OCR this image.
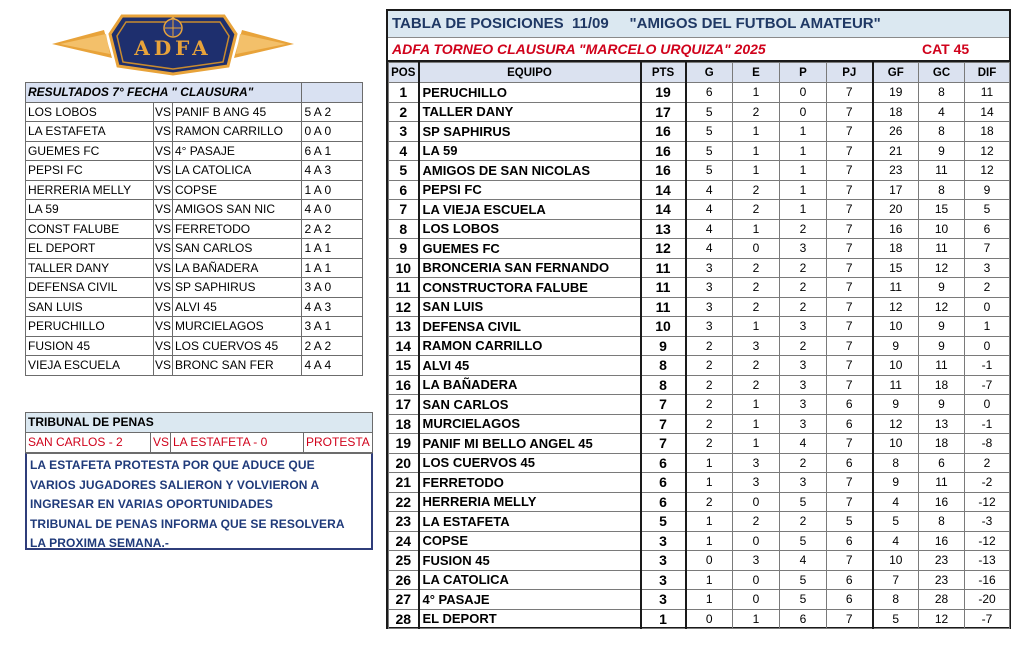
ADFA
RESULTADOS 7° FECHA " CLAUSURA"			
LOS LOBOS	VS	PANIF B ANG 45	5 A 2
LA ESTAFETA	VS	RAMON CARRILLO	0 A 0
GUEMES FC	VS	4° PASAJE	6 A 1
PEPSI FC	VS	LA CATOLICA	4 A 3
HERRERIA MELLY	VS	COPSE	1 A 0
LA 59	VS	AMIGOS SAN NIC	4 A 0
CONST FALUBE	VS	FERRETODO	2 A 2
EL DEPORT	VS	SAN CARLOS	1 A 1
TALLER DANY	VS	LA BAÑADERA	1 A 1
DEFENSA CIVIL	VS	SP SAPHIRUS	3 A 0
SAN LUIS	VS	ALVI 45	4 A 3
PERUCHILLO	VS	MURCIELAGOS	3 A 1
FUSION 45	VS	LOS CUERVOS 45	2 A 2
VIEJA ESCUELA	VS	BRONC SAN FER	4 A 4
TRIBUNAL DE PENAS
SAN CARLOS - 2	VS LA ESTAFETA - 0	PROTESTA
LA ESTAFETA PROTESTA POR QUE ADUCE QUE
VARIOS JUGADORES SALIERON Y VOLVIERON A
INGRESAR EN VARIAS OPORTUNIDADES
TRIBUNAL DE PENAS INFORMA QUE SE RESOLVERA
LA PROXIMA SEMANA.-
TABLA DE POSICIONES  11/09     "AMIGOS DEL FUTBOL AMATEUR"
ADFA TORNEO CLAUSURA "MARCELO URQUIZA" 2025	CAT 45
POS	EQUIPO	PTS	G	E	P	PJ	GF	GC	DIF
1	PERUCHILLO	19	6	1	0	7	19	8	11
2	TALLER DANY	17	5	2	0	7	18	4	14
3	SP SAPHIRUS	16	5	1	1	7	26	8	18
4	LA 59	16	5	1	1	7	21	9	12
5	AMIGOS DE SAN NICOLAS	16	5	1	1	7	23	11	12
6	PEPSI FC	14	4	2	1	7	17	8	9
7	LA VIEJA ESCUELA	14	4	2	1	7	20	15	5
8	LOS LOBOS	13	4	1	2	7	16	10	6
9	GUEMES FC	12	4	0	3	7	18	11	7
10	BRONCERIA SAN FERNANDO	11	3	2	2	7	15	12	3
11	CONSTRUCTORA FALUBE	11	3	2	2	7	11	9	2
12	SAN LUIS	11	3	2	2	7	12	12	0
13	DEFENSA CIVIL	10	3	1	3	7	10	9	1
14	RAMON CARRILLO	9	2	3	2	7	9	9	0
15	ALVI 45	8	2	2	3	7	10	11	-1
16	LA BAÑADERA	8	2	2	3	7	11	18	-7
17	SAN CARLOS	7	2	1	3	6	9	9	0
18	MURCIELAGOS	7	2	1	3	6	12	13	-1
19	PANIF MI BELLO ANGEL 45	7	2	1	4	7	10	18	-8
20	LOS CUERVOS 45	6	1	3	2	6	8	6	2
21	FERRETODO	6	1	3	3	7	9	11	-2
22	HERRERIA MELLY	6	2	0	5	7	4	16	-12
23	LA ESTAFETA	5	1	2	2	5	5	8	-3
24	COPSE	3	1	0	5	6	4	16	-12
25	FUSION 45	3	0	3	4	7	10	23	-13
26	LA CATOLICA	3	1	0	5	6	7	23	-16
27	4° PASAJE	3	1	0	5	6	8	28	-20
28	EL DEPORT	1	0	1	6	7	5	12	-7
